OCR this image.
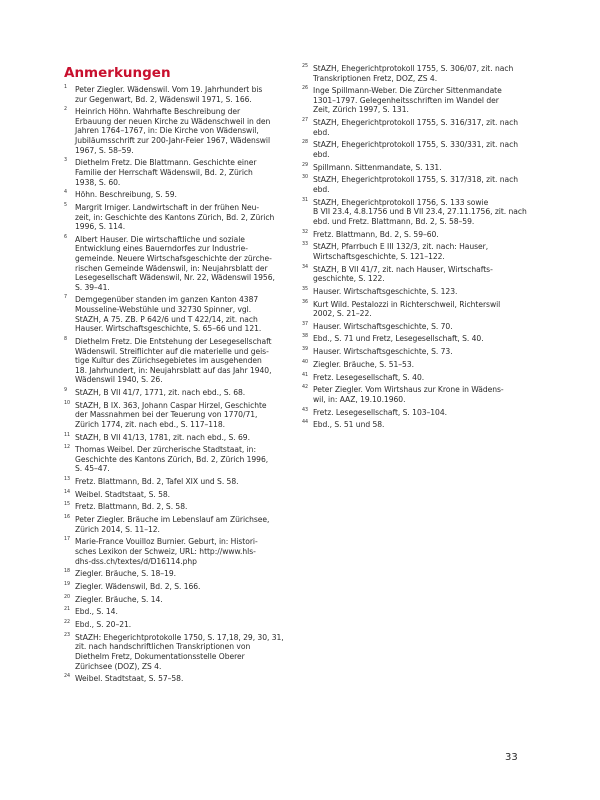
Anmerkungen
1 Peter Ziegler. Wädenswil. Vom 19. Jahrhundert bis
zur Gegenwart, Bd. 2, Wädenswil 1971, S. 166.
2 Heinrich Höhn. Wahrhafte Beschreibung der
Erbauung der neuen Kirche zu Wädenschweil in den
Jahren 1764–1767, in: Die Kirche von Wädenswil,
Jubiläumsschrift zur 200-Jahr-Feier 1967, Wädenswil
1967, S. 58–59.
3 Diethelm Fretz. Die Blattmann. Geschichte einer
Familie der Herrschaft Wädenswil, Bd. 2, Zürich
1938, S. 60.
4 Höhn. Beschreibung, S. 59.
5 Margrit Irniger. Landwirtschaft in der frühen Neu-
zeit, in: Geschichte des Kantons Zürich, Bd. 2, Zürich
1996, S. 114.
6 Albert Hauser. Die wirtschaftliche und soziale
Entwicklung eines Bauerndorfes zur Industrie-
gemeinde. Neuere Wirtschafsgeschichte der zürche-
rischen Gemeinde Wädenswil, in: Neujahrsblatt der
Lesegesellschaft Wädenswil, Nr. 22, Wädenswil 1956,
S. 39–41.
7 Demgegenüber standen im ganzen Kanton 4387
Mousseline-Webstühle und 32730 Spinner, vgl.
StAZH, A 75. ZB. P 642/6 und T 422/14, zit. nach
Hauser. Wirtschaftsgeschichte, S. 65–66 und 121.
8 Diethelm Fretz. Die Entstehung der Lesegesellschaft
Wädenswil. Streiflichter auf die materielle und geis-
tige Kultur des Zürichsegebietes im ausgehenden
18. Jahrhundert, in: Neujahrsblatt auf das Jahr 1940,
Wädenswil 1940, S. 26.
9 StAZH, B VII 41/7, 1771, zit. nach ebd., S. 68.
10 StAZH, B IX. 363, Johann Caspar Hirzel, Geschichte
der Massnahmen bei der Teuerung von 1770/71,
Zürich 1774, zit. nach ebd., S. 117–118.
11 StAZH, B VII 41/13, 1781, zit. nach ebd., S. 69.
12 Thomas Weibel. Der zürcherische Stadtstaat, in:
Geschichte des Kantons Zürich, Bd. 2, Zürich 1996,
S. 45–47.
13 Fretz. Blattmann, Bd. 2, Tafel XIX und S. 58.
14 Weibel. Stadtstaat, S. 58.
15 Fretz. Blattmann, Bd. 2, S. 58.
16 Peter Ziegler. Bräuche im Lebenslauf am Zürichsee,
Zürich 2014, S. 11–12.
17 Marie-France Vouilloz Burnier. Geburt, in: Histori-
sches Lexikon der Schweiz, URL: http://www.hls-
dhs-dss.ch/textes/d/D16114.php
18 Ziegler. Bräuche, S. 18–19.
19 Ziegler. Wädenswil, Bd. 2, S. 166.
20 Ziegler. Bräuche, S. 14.
21 Ebd., S. 14.
22 Ebd., S. 20–21.
23 StAZH: Ehegerichtprotokolle 1750, S. 17,18, 29, 30, 31,
zit. nach handschriftlichen Transkriptionen von
Diethelm Fretz, Dokumentationsstelle Oberer
Zürichsee (DOZ), ZS 4.
24 Weibel. Stadtstaat, S. 57–58.
25 StAZH, Ehegerichtprotokoll 1755, S. 306/07, zit. nach
Transkriptionen Fretz, DOZ, ZS 4.
26 Inge Spillmann-Weber. Die Zürcher Sittenmandate
1301–1797. Gelegenheitsschriften im Wandel der
Zeit, Zürich 1997, S. 131.
27 StAZH, Ehegerichtprotokoll 1755, S. 316/317, zit. nach
ebd.
28 StAZH, Ehegerichtprotokoll 1755, S. 330/331, zit. nach
ebd.
29 Spillmann. Sittenmandate, S. 131.
30 StAZH, Ehegerichtprotokoll 1755, S. 317/318, zit. nach
ebd.
31 StAZH, Ehegerichtprotokoll 1756, S. 133 sowie
B VII 23.4, 4.8.1756 und B VII 23.4, 27.11.1756, zit. nach
ebd. und Fretz. Blattmann, Bd. 2, S. 58–59.
32 Fretz. Blattmann, Bd. 2, S. 59–60.
33 StAZH, Pfarrbuch E III 132/3, zit. nach: Hauser,
Wirtschaftsgeschichte, S. 121–122.
34 StAZH, B VII 41/7, zit. nach Hauser, Wirtschafts-
geschichte, S. 122.
35 Hauser. Wirtschaftsgeschichte, S. 123.
36 Kurt Wild. Pestalozzi in Richterschweil, Richterswil
2002, S. 21–22.
37 Hauser. Wirtschaftsgeschichte, S. 70.
38 Ebd., S. 71 und Fretz, Lesegesellschaft, S. 40.
39 Hauser. Wirtschaftsgeschichte, S. 73.
40 Ziegler. Bräuche, S. 51–53.
41 Fretz. Lesegesellschaft, S. 40.
42 Peter Ziegler. Vom Wirtshaus zur Krone in Wädens-
wil, in: AAZ, 19.10.1960.
43 Fretz. Lesegesellschaft, S. 103–104.
44 Ebd., S. 51 und 58.
33
